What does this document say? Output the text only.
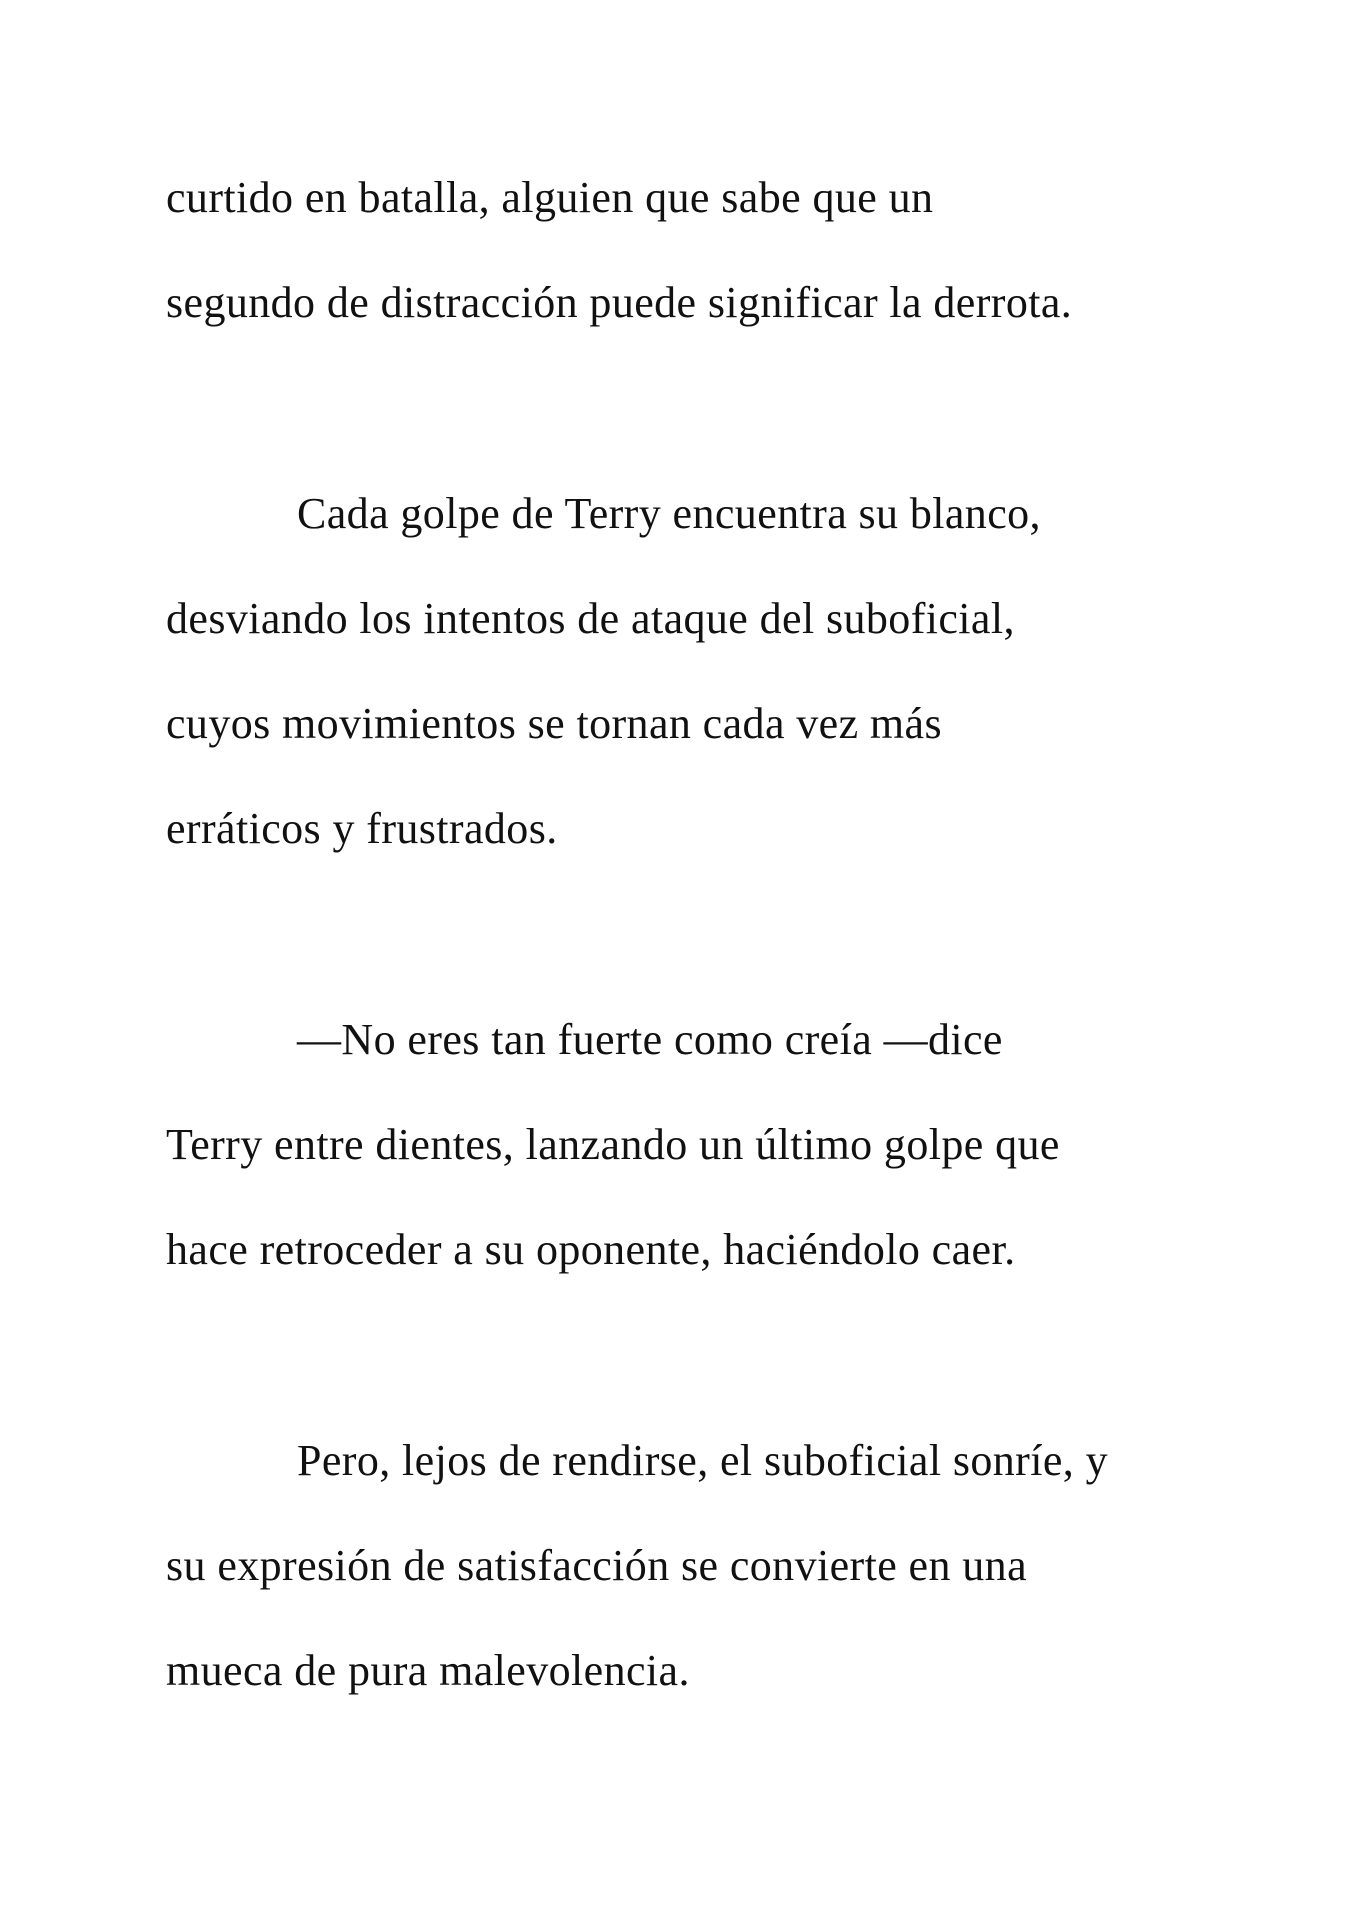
curtido en batalla, alguien que sabe que un

segundo de distracción puede significar la derrota.

Cada golpe de Terry encuentra su blanco,

desviando los intentos de ataque del suboficial,

cuyos movimientos se tornan cada vez más

erráticos y frustrados.

—No eres tan fuerte como creía —dice

Terry entre dientes, lanzando un último golpe que

hace retroceder a su oponente, haciéndolo caer.

Pero, lejos de rendirse, el suboficial sonríe, y

su expresión de satisfacción se convierte en una

mueca de pura malevolencia.
